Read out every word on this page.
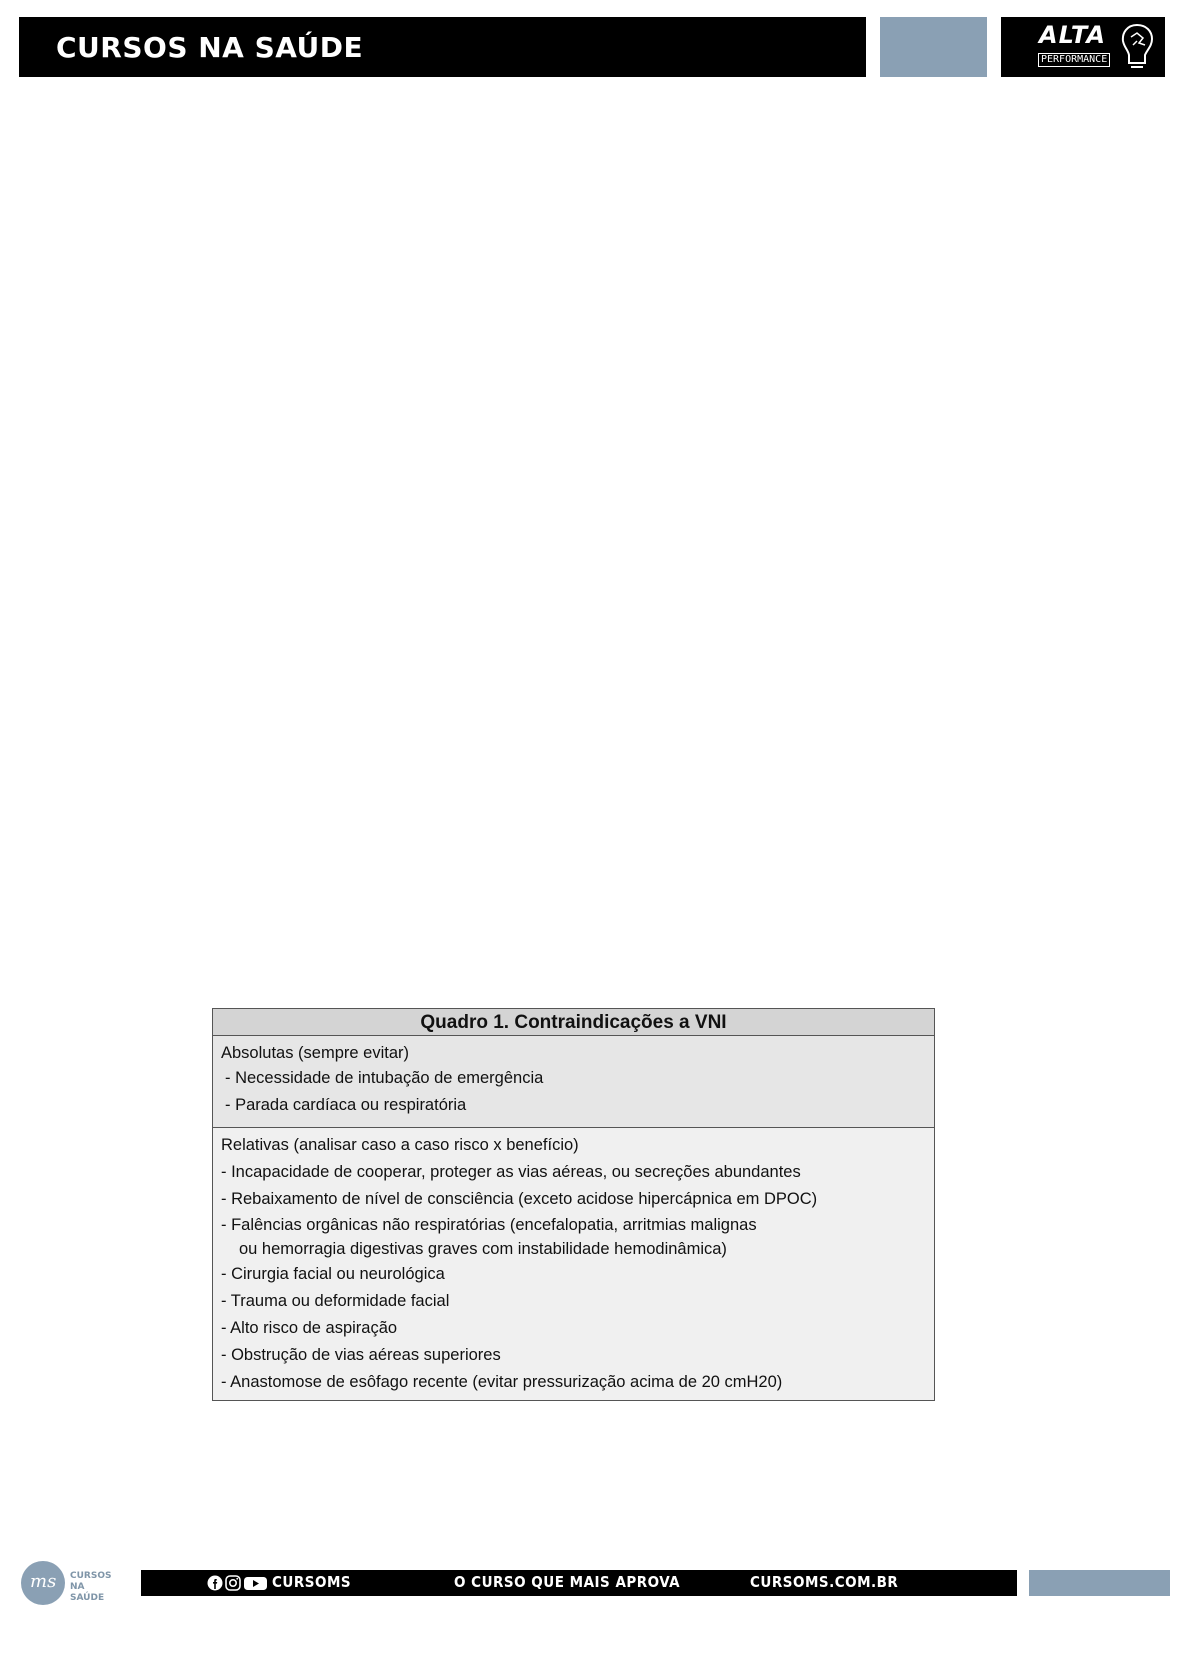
CURSOS NA SAÚDE	ALTA
PERFORMANCE
Quadro 1. Contraindicações a VNI
Absolutas (sempre evitar)
- Necessidade de intubação de emergência
- Parada cardíaca ou respiratória
Relativas (analisar caso a caso risco x benefício)
- Incapacidade de cooperar, proteger as vias aéreas, ou secreções abundantes
- Rebaixamento de nível de consciência (exceto acidose hipercápnica em DPOC)
- Falências orgânicas não respiratórias (encefalopatia, arritmias malignas
ou hemorragia digestivas graves com instabilidade hemodinâmica)
- Cirurgia facial ou neurológica
- Trauma ou deformidade facial
- Alto risco de aspiração
- Obstrução de vias aéreas superiores
- Anastomose de esôfago recente (evitar pressurização acima de 20 cmH20)
ms CURSOS
NA SAÚDE
CURSOMS	O CURSO QUE MAIS APROVA	CURSOMS.COM.BR
